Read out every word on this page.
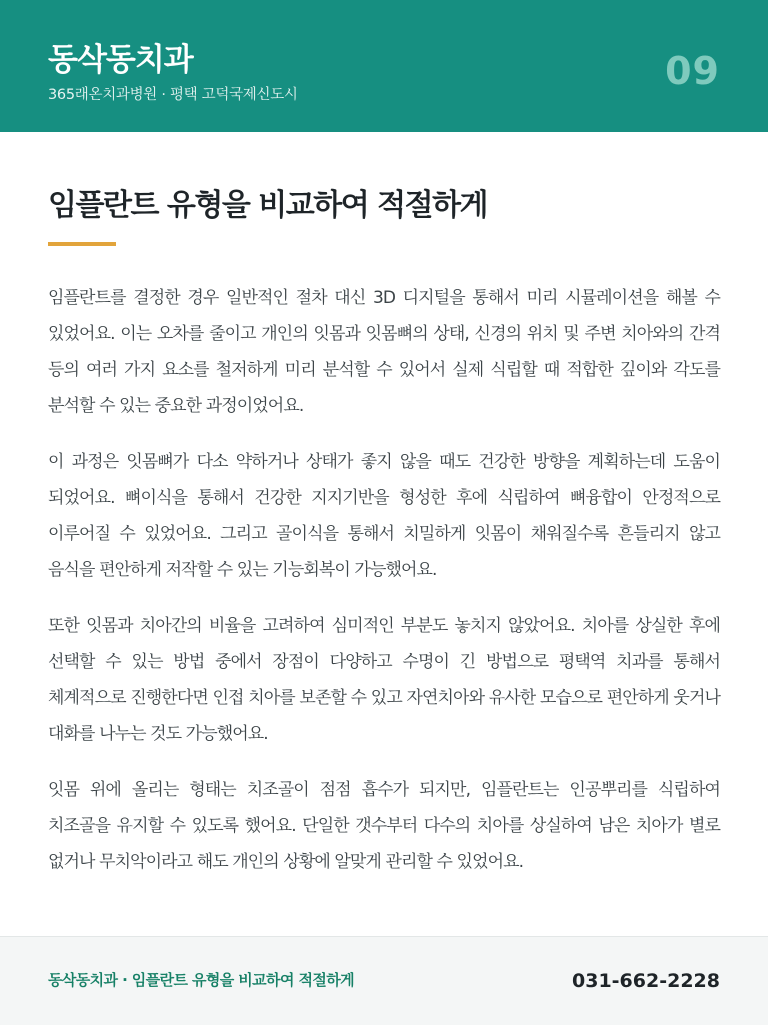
동삭동치과
365래온치과병원 · 평택 고덕국제신도시
09
임플란트 유형을 비교하여 적절하게

임플란트를 결정한 경우 일반적인 절차 대신 3D 디지털을 통해서 미리 시뮬레이션을 해볼 수 있었어요. 이는 오차를 줄이고 개인의 잇몸과 잇몸뼈의 상태, 신경의 위치 및 주변 치아와의 간격 등의 여러 가지 요소를 철저하게 미리 분석할 수 있어서 실제 식립할 때 적합한 깊이와 각도를 분석할 수 있는 중요한 과정이었어요.

이 과정은 잇몸뼈가 다소 약하거나 상태가 좋지 않을 때도 건강한 방향을 계획하는데 도움이 되었어요. 뼈이식을 통해서 건강한 지지기반을 형성한 후에 식립하여 뼈융합이 안정적으로 이루어질 수 있었어요. 그리고 골이식을 통해서 치밀하게 잇몸이 채워질수록 흔들리지 않고 음식을 편안하게 저작할 수 있는 기능회복이 가능했어요.

또한 잇몸과 치아간의 비율을 고려하여 심미적인 부분도 놓치지 않았어요. 치아를 상실한 후에 선택할 수 있는 방법 중에서 장점이 다양하고 수명이 긴 방법으로 평택역 치과를 통해서 체계적으로 진행한다면 인접 치아를 보존할 수 있고 자연치아와 유사한 모습으로 편안하게 웃거나 대화를 나누는 것도 가능했어요.

잇몸 위에 올리는 형태는 치조골이 점점 흡수가 되지만, 임플란트는 인공뿌리를 식립하여 치조골을 유지할 수 있도록 했어요. 단일한 갯수부터 다수의 치아를 상실하여 남은 치아가 별로 없거나 무치악이라고 해도 개인의 상황에 알맞게 관리할 수 있었어요.

동삭동치과 · 임플란트 유형을 비교하여 적절하게	031-662-2228
